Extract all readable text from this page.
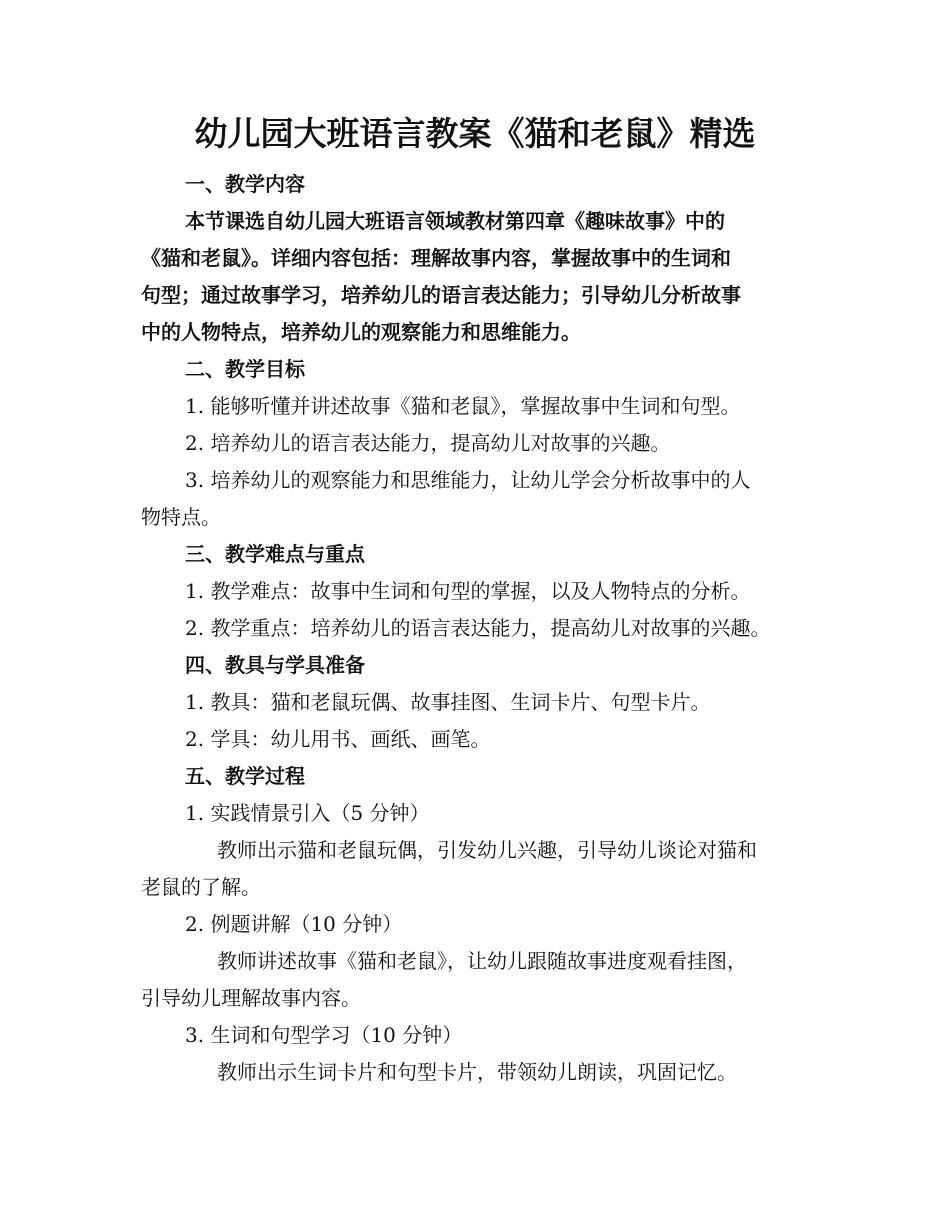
幼儿园大班语言教案《猫和老鼠》精选
一、教学内容
本节课选自幼儿园大班语言领域教材第四章《趣味故事》中的
《猫和老鼠》。详细内容包括：理解故事内容，掌握故事中的生词和
句型；通过故事学习，培养幼儿的语言表达能力；引导幼儿分析故事
中的人物特点，培养幼儿的观察能力和思维能力。
二、教学目标
1. 能够听懂并讲述故事《猫和老鼠》，掌握故事中生词和句型。
2. 培养幼儿的语言表达能力，提高幼儿对故事的兴趣。
3. 培养幼儿的观察能力和思维能力，让幼儿学会分析故事中的人
物特点。
三、教学难点与重点
1. 教学难点：故事中生词和句型的掌握，以及人物特点的分析。
2. 教学重点：培养幼儿的语言表达能力，提高幼儿对故事的兴趣。
四、教具与学具准备
1. 教具：猫和老鼠玩偶、故事挂图、生词卡片、句型卡片。
2. 学具：幼儿用书、画纸、画笔。
五、教学过程
1. 实践情景引入（5 分钟）
教师出示猫和老鼠玩偶，引发幼儿兴趣，引导幼儿谈论对猫和
老鼠的了解。
2. 例题讲解（10 分钟）
教师讲述故事《猫和老鼠》，让幼儿跟随故事进度观看挂图，
引导幼儿理解故事内容。
3. 生词和句型学习（10 分钟）
教师出示生词卡片和句型卡片，带领幼儿朗读，巩固记忆。
